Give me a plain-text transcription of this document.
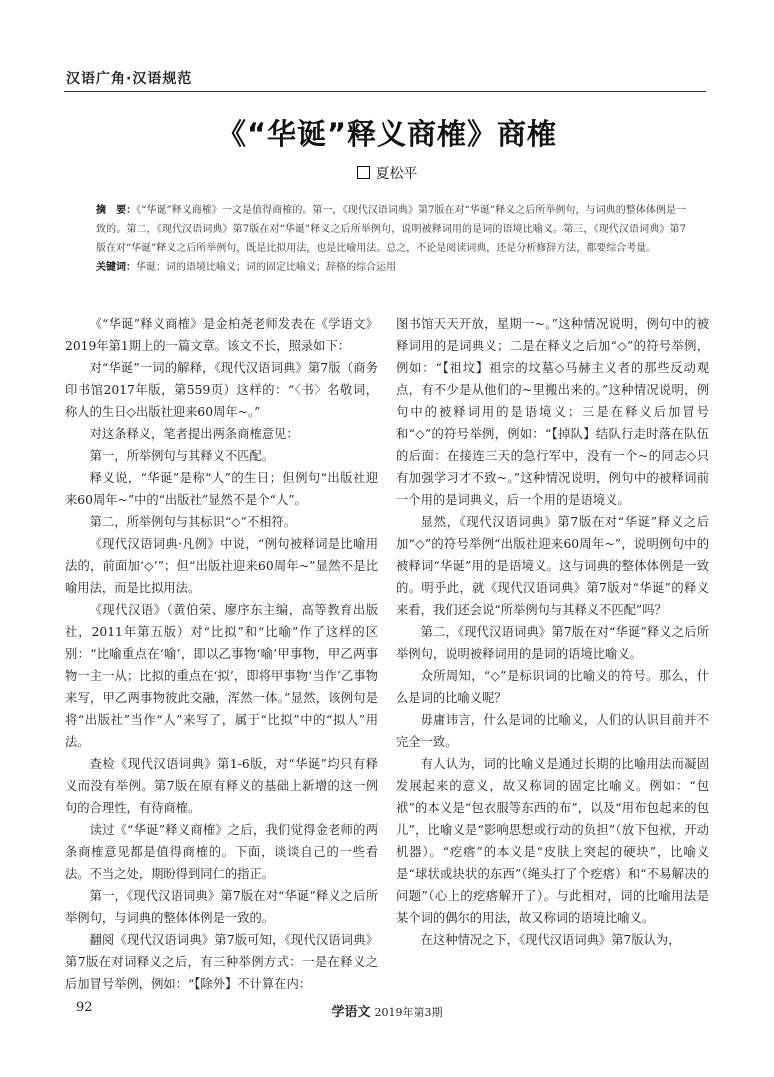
汉语广角·汉语规范
《“华诞”释义商榷》商榷
夏松平
摘　要：《“华诞”释义商榷》一文是值得商榷的。第一，《现代汉语词典》第7版在对“华诞”释义之后所举例句，与词典的整体体例是一致的。第二，《现代汉语词典》第7版在对“华诞”释义之后所举例句，说明被释词用的是词的语境比喻义。第三，《现代汉语词典》第7版在对“华诞”释义之后所举例句，既是比拟用法，也是比喻用法。总之，不论是阅读词典，还是分析修辞方法，都要综合考量。
关键词：华诞；词的语境比喻义；词的固定比喻义；辞格的综合运用

《“华诞”释义商榷》是金柏尧老师发表在《学语文》2019年第1期上的一篇文章。该文不长，照录如下：

对“华诞”一词的解释，《现代汉语词典》第7版（商务印书馆2017年版，第559页）这样的：“〈书〉名敬词，称人的生日◇出版社迎来60周年~。”

对这条释义，笔者提出两条商榷意见：

第一，所举例句与其释义不匹配。

释义说，“华诞”是称“人”的生日；但例句“出版社迎来60周年~”中的“出版社”显然不是个“人”。

第二，所举例句与其标识“◇”不相符。

《现代汉语词典·凡例》中说，“例句被释词是比喻用法的，前面加‘◇’”；但“出版社迎来60周年~”显然不是比喻用法，而是比拟用法。

《现代汉语》（黄伯荣、廖序东主编，高等教育出版社，2011年第五版）对“比拟”和“比喻”作了这样的区别：“比喻重点在‘喻’，即以乙事物‘喻’甲事物，甲乙两事物一主一从；比拟的重点在‘拟’，即将甲事物‘当作’乙事物来写，甲乙两事物彼此交融，浑然一体。”显然，该例句是将“出版社”当作“人”来写了，属于“比拟”中的“拟人”用法。

查检《现代汉语词典》第1-6版，对“华诞”均只有释义而没有举例。第7版在原有释义的基础上新增的这一例句的合理性，有待商榷。

读过《“华诞”释义商榷》之后，我们觉得金老师的两条商榷意见都是值得商榷的。下面，谈谈自己的一些看法。不当之处，期盼得到同仁的指正。

第一，《现代汉语词典》第7版在对“华诞”释义之后所举例句，与词典的整体体例是一致的。

翻阅《现代汉语词典》第7版可知，《现代汉语词典》第7版在对词释义之后，有三种举例方式：一是在释义之后加冒号举例，例如：“【除外】不计算在内：

图书馆天天开放，星期一~。”这种情况说明，例句中的被释词用的是词典义；二是在释义之后加“◇”的符号举例，例如：“【祖坟】祖宗的坟墓◇马赫主义者的那些反动观点，有不少是从他们的~里搬出来的。”这种情况说明，例句中的被释词用的是语境义；三是在释义后加冒号和“◇”的符号举例，例如：“【掉队】结队行走时落在队伍的后面：在接连三天的急行军中，没有一个~的同志◇只有加强学习才不致~。”这种情况说明，例句中的被释词前一个用的是词典义，后一个用的是语境义。

显然，《现代汉语词典》第7版在对“华诞”释义之后加“◇”的符号举例“出版社迎来60周年~”，说明例句中的被释词“华诞”用的是语境义。这与词典的整体体例是一致的。明乎此，就《现代汉语词典》第7版对“华诞”的释义来看，我们还会说“所举例句与其释义不匹配”吗？

第二，《现代汉语词典》第7版在对“华诞”释义之后所举例句，说明被释词用的是词的语境比喻义。

众所周知，“◇”是标识词的比喻义的符号。那么，什么是词的比喻义呢？

毋庸讳言，什么是词的比喻义，人们的认识目前并不完全一致。

有人认为，词的比喻义是通过长期的比喻用法而凝固发展起来的意义，故又称词的固定比喻义。例如：“包袱”的本义是“包衣服等东西的布”，以及“用布包起来的包儿”，比喻义是“影响思想或行动的负担”（放下包袱，开动机器）。“疙瘩”的本义是“皮肤上突起的硬块”，比喻义是“球状或块状的东西”（绳头打了个疙瘩）和“不易解决的问题”（心上的疙瘩解开了）。与此相对，词的比喻用法是某个词的偶尔的用法，故又称词的语境比喻义。

在这种情况之下，《现代汉语词典》第7版认为，

92	学语文 2019年第3期
